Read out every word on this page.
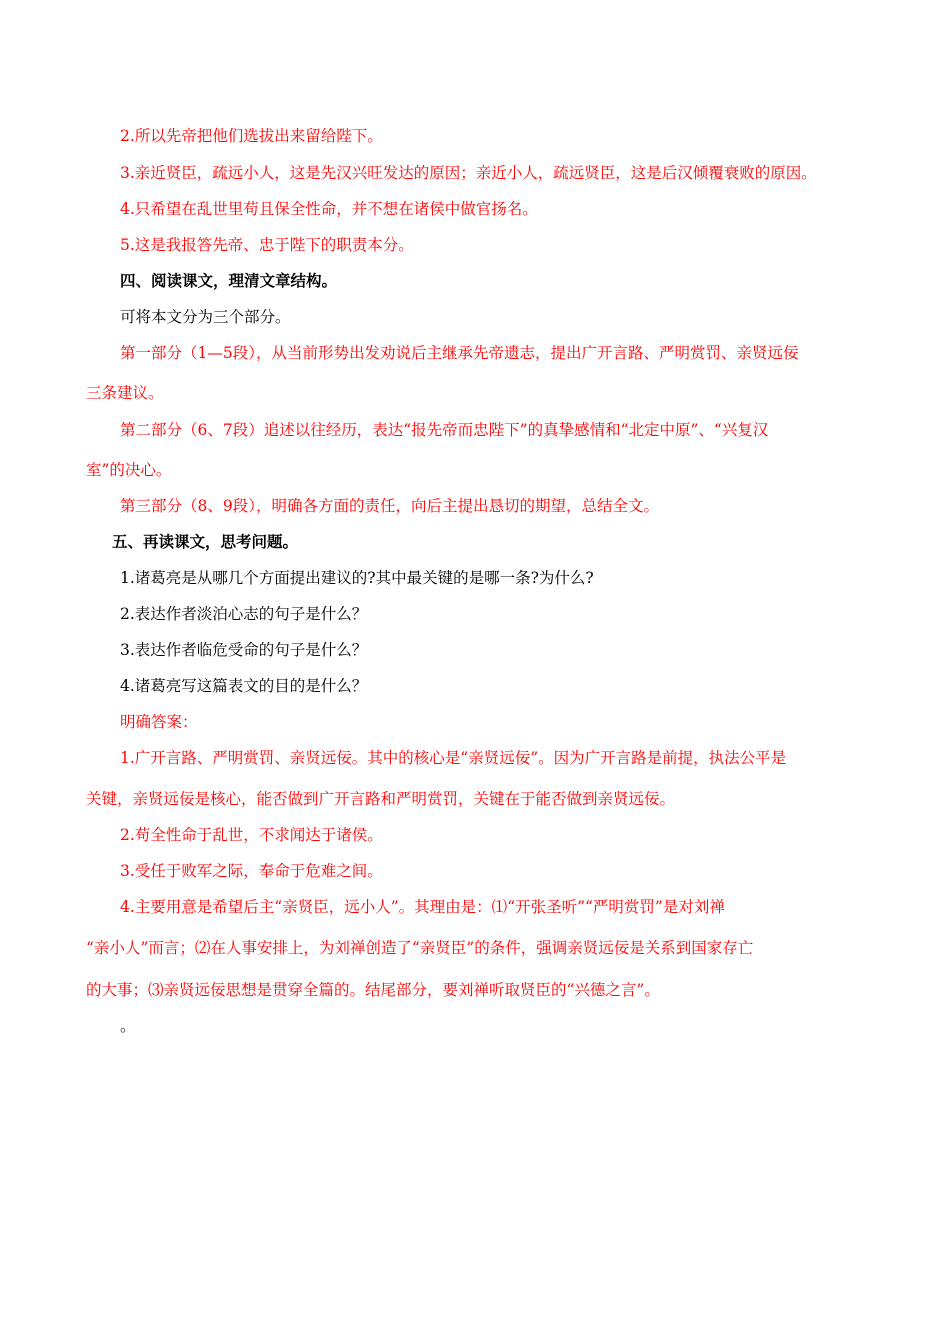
2.所以先帝把他们选拔出来留给陛下。
3.亲近贤臣，疏远小人，这是先汉兴旺发达的原因；亲近小人，疏远贤臣，这是后汉倾覆衰败的原因。
4.只希望在乱世里苟且保全性命，并不想在诸侯中做官扬名。
5.这是我报答先帝、忠于陛下的职责本分。
四、阅读课文，理清文章结构。
可将本文分为三个部分。
第一部分（1—5段），从当前形势出发劝说后主继承先帝遗志，提出广开言路、严明赏罚、亲贤远佞
三条建议。
第二部分（6、7段）追述以往经历，表达“报先帝而忠陛下”的真挚感情和“北定中原”、“兴复汉
室”的决心。
第三部分（8、9段），明确各方面的责任，向后主提出恳切的期望，总结全文。
五、再读课文，思考问题。
1.诸葛亮是从哪几个方面提出建议的?其中最关键的是哪一条?为什么?
2.表达作者淡泊心志的句子是什么？
3.表达作者临危受命的句子是什么？
4.诸葛亮写这篇表文的目的是什么？
明确答案：
1.广开言路、严明赏罚、亲贤远佞。其中的核心是“亲贤远佞”。因为广开言路是前提，执法公平是
关键，亲贤远佞是核心，能否做到广开言路和严明赏罚，关键在于能否做到亲贤远佞。
2.苟全性命于乱世，不求闻达于诸侯。
3.受任于败军之际，奉命于危难之间。
4.主要用意是希望后主“亲贤臣，远小人”。其理由是：⑴“开张圣听”“严明赏罚”是对刘禅
“亲小人”而言；⑵在人事安排上，为刘禅创造了“亲贤臣”的条件，强调亲贤远佞是关系到国家存亡
的大事；⑶亲贤远佞思想是贯穿全篇的。结尾部分，要刘禅听取贤臣的“兴德之言”。
。
